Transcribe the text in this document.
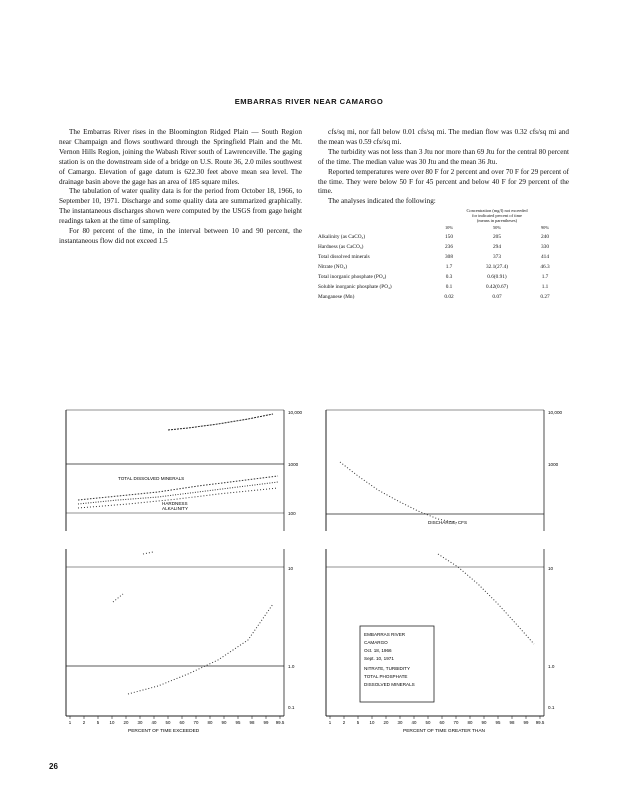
EMBARRAS RIVER NEAR CAMARGO

The Embarras River rises in the Bloomington Ridged Plain — South Region near Champaign and flows southward through the Springfield Plain and the Mt. Vernon Hills Region, joining the Wabash River south of Lawrenceville. The gaging station is on the downstream side of a bridge on U.S. Route 36, 2.0 miles southwest of Camargo. Elevation of gage datum is 622.30 feet above mean sea level. The drainage basin above the gage has an area of 185 square miles.

The tabulation of water quality data is for the period from October 18, 1966, to September 10, 1971. Discharge and some quality data are summarized graphically. The instantaneous discharges shown were computed by the USGS from gage height readings taken at the time of sampling.

For 80 percent of the time, in the interval between 10 and 90 percent, the instantaneous flow did not exceed 1.5

cfs/sq mi, nor fall below 0.01 cfs/sq mi. The median flow was 0.32 cfs/sq mi and the mean was 0.59 cfs/sq mi.

The turbidity was not less than 3 Jtu nor more than 69 Jtu for the central 80 percent of the time. The median value was 30 Jtu and the mean 36 Jtu.

Reported temperatures were over 80 F for 2 percent and over 70 F for 29 percent of the time. They were below 50 F for 45 percent and below 40 F for 29 percent of the time.

The analyses indicated the following:

	Concentration (mg/l) not exceeded
for indicated percent of time
(means in parentheses)		

	10%	50%	90%
Alkalinity (as CaCO₃)	150	205	240
Hardness (as CaCO₃)	236	294	330
Total dissolved minerals	308	373	414
Nitrate (NO₃)	1.7	32.1(27.4)	46.3
Total inorganic phosphate (PO₄)	0.3	0.6(0.91)	1.7
Soluble inorganic phosphate (PO₄)	0.1	0.42(0.67)	1.1
Manganese (Mn)	0.02	0.07	0.27
TOTAL DISSOLVED MINERALS
HARDNESS
ALKALINITY
10,000
1000
100
DISCHARGE, CFS
10,000
1000
10
1.0
0.1
EMBARRAS RIVER
CAMARGO
Oct. 18, 1966
Sept. 10, 1971
NITRATE, TURBIDITY
TOTAL PHOSPHATE
DISSOLVED MINERALS
10
1.0
0.1
1	2	5 10 20 30 40 50 60 70 80 90 95 98 99 99.5	1	2	5 10 20 30 40 50 60 70 80 90 95 98 99 99.5
PERCENT OF TIME EXCEEDED	PERCENT OF TIME GREATER THAN
26
